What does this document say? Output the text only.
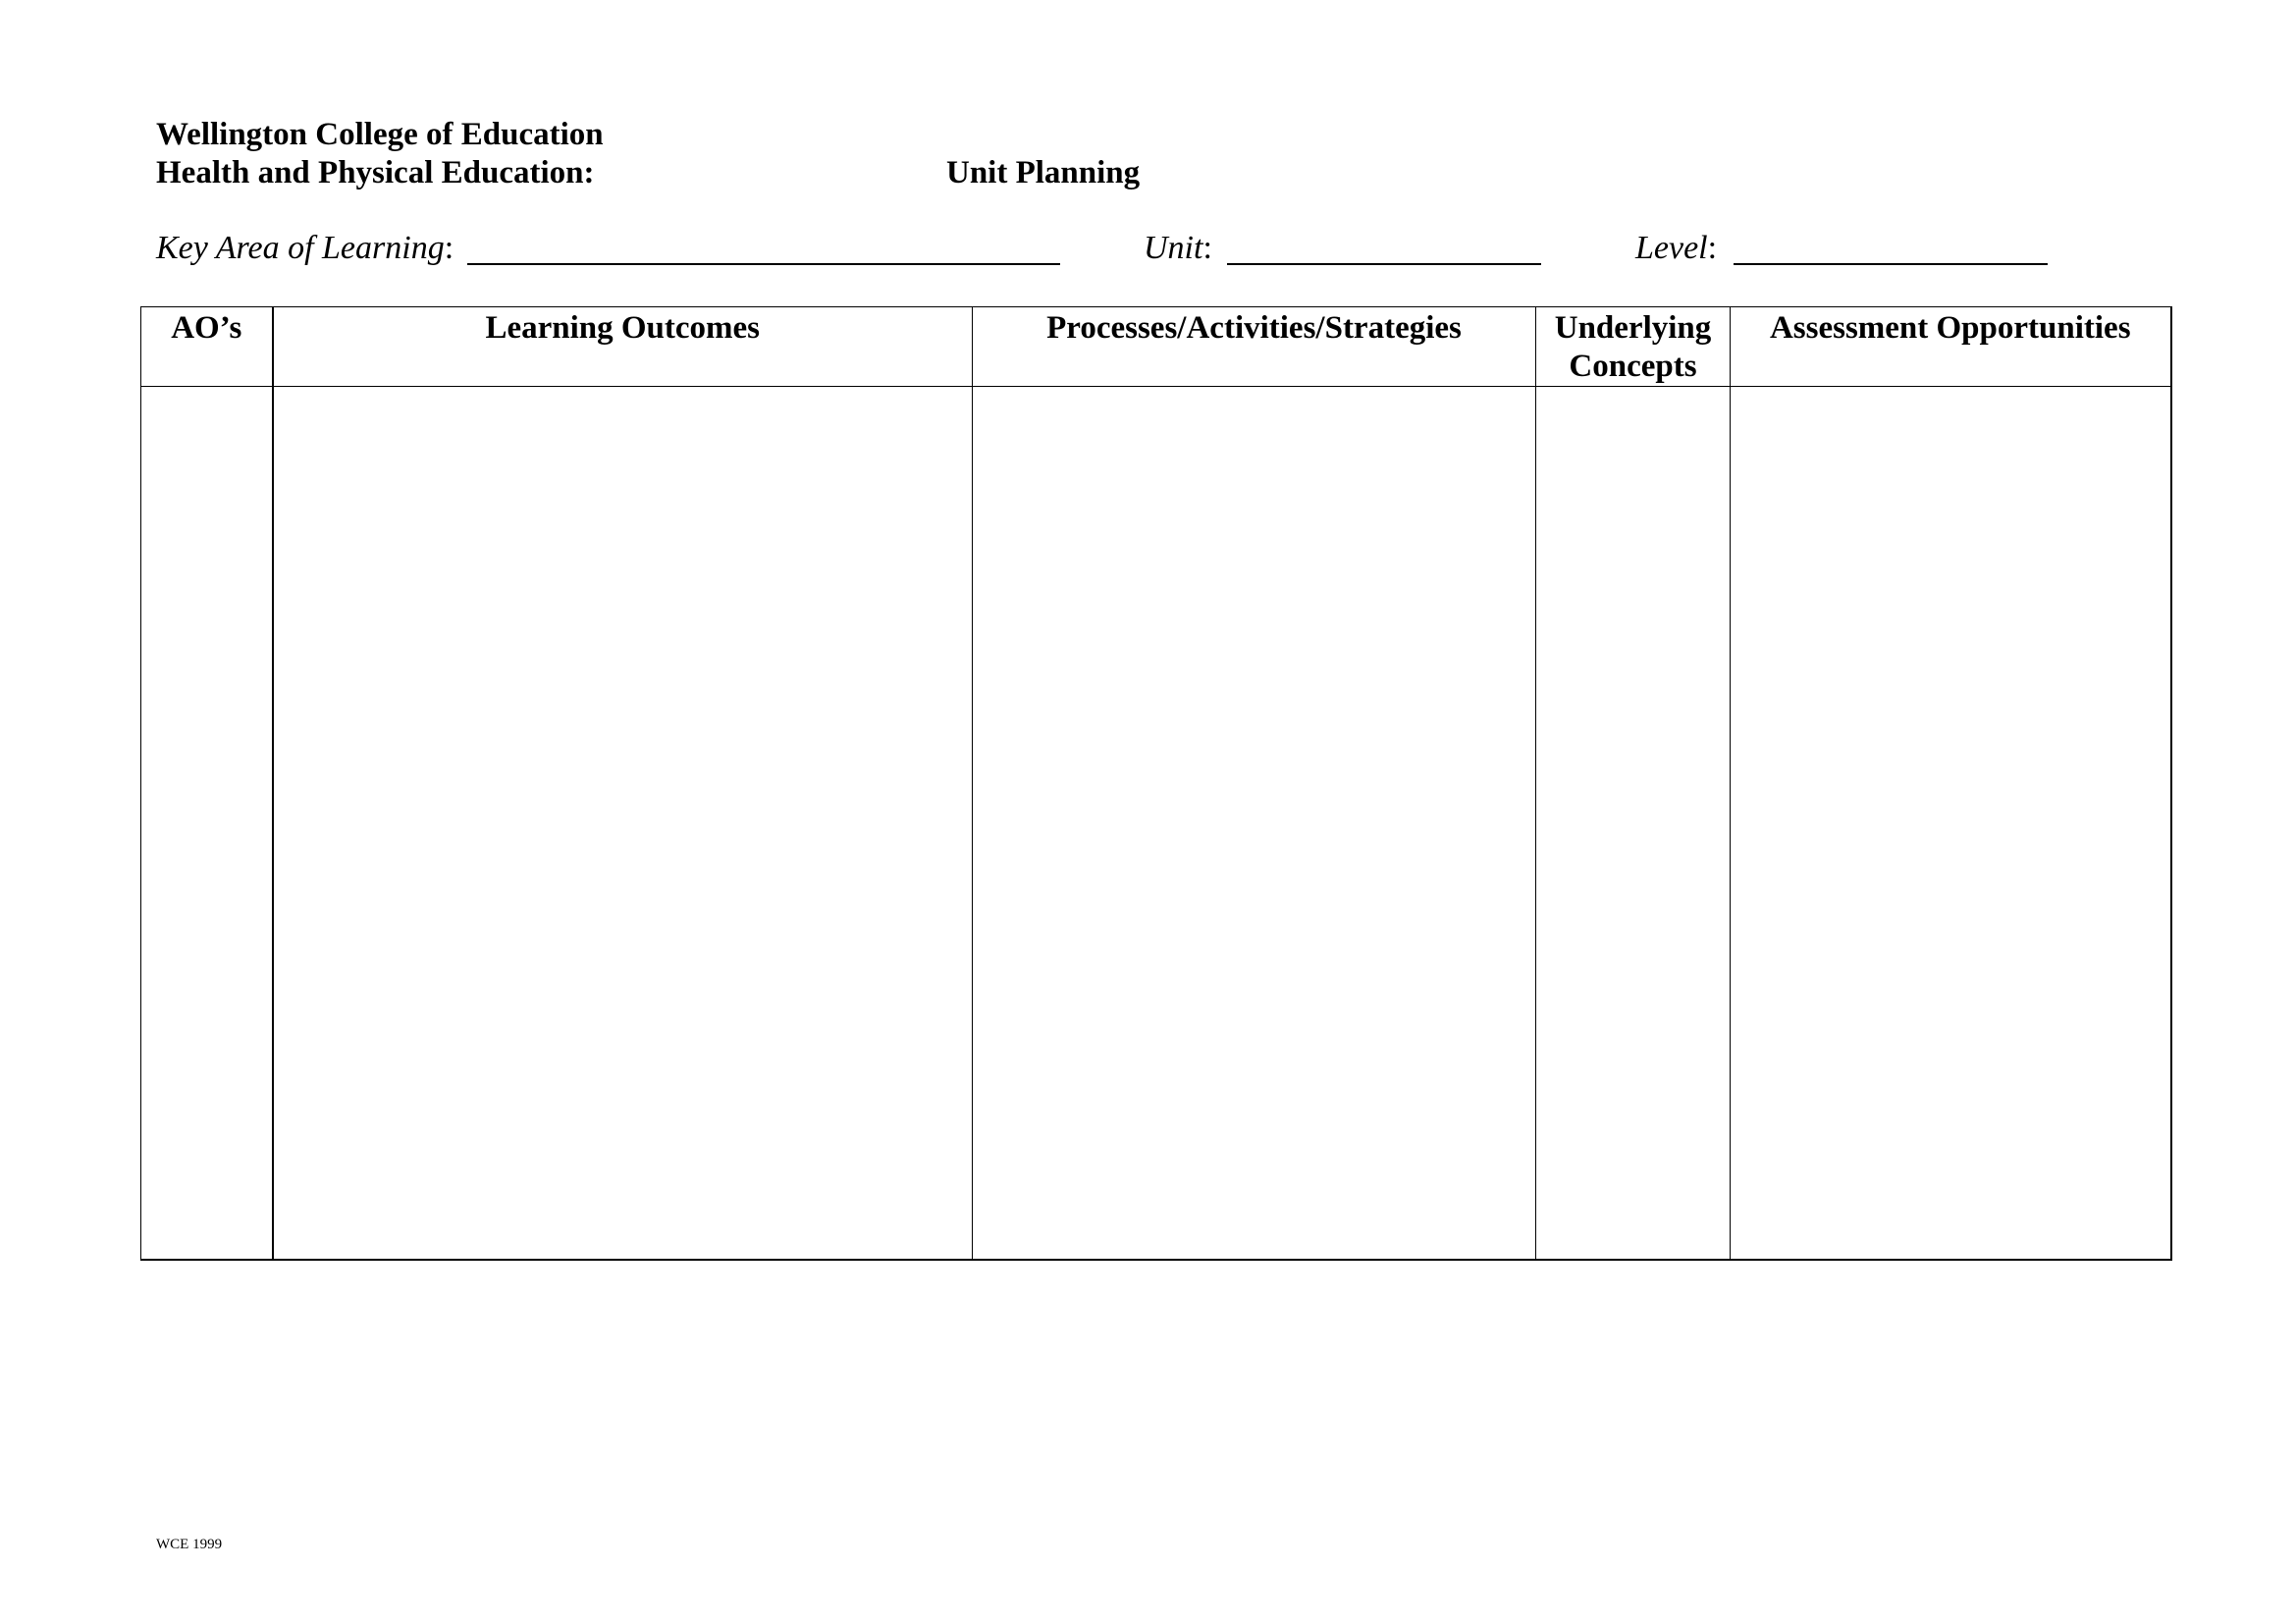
Wellington College of Education
Health and Physical Education:	Unit Planning
Key Area of Learning:	Unit:	Level:
AO’s	Learning Outcomes	Processes/Activities/Strategies	Underlying Concepts	Assessment Opportunities

WCE 1999
